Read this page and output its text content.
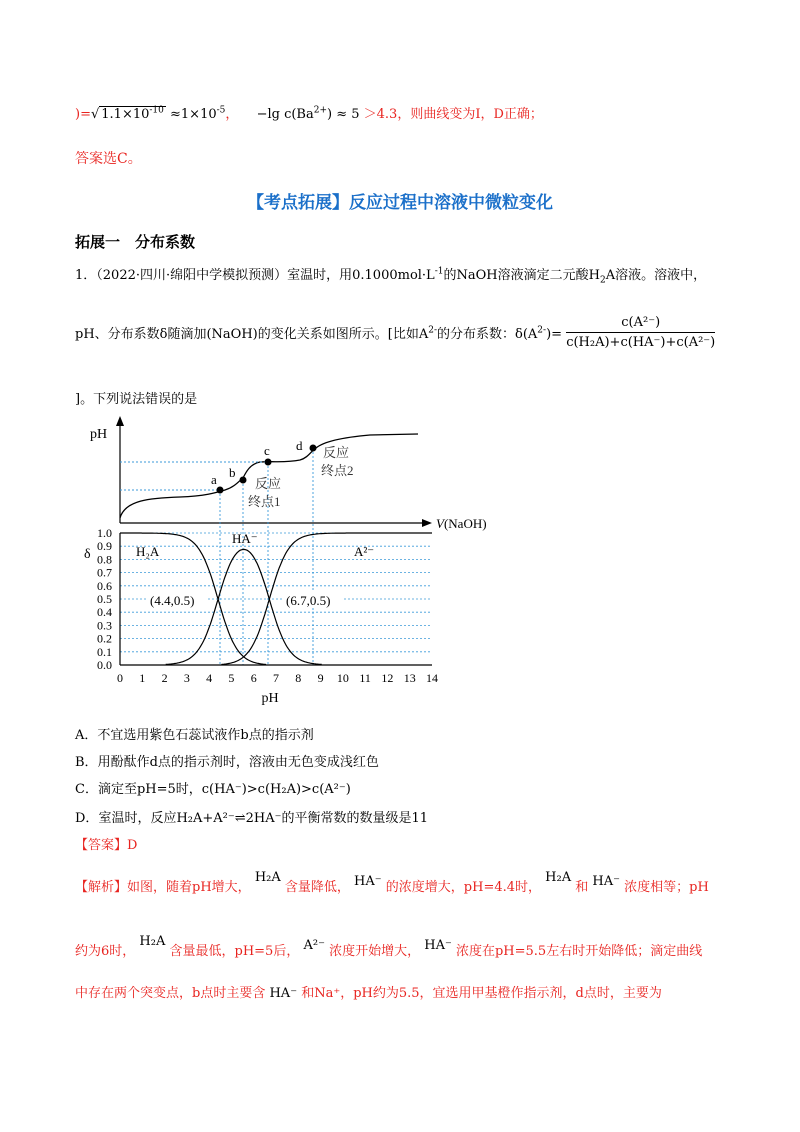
)=√ $1.1\times 10^{-10} \approx 1\times 10^{-5}$， −lg $c(Ba^{2+}) \approx 5 >4.3$，则曲线变为Ⅰ，D正确；
答案选C。
【考点拓展】反应过程中溶液中微粒变化
拓展一　分布系数
1．（2022·四川·绵阳中学模拟预测）室温时，用$0.1000mol\cdot L^{-1}$的NaOH溶液滴定二元酸$H_2A$溶液。溶液中，
pH、分布系数δ随滴加(NaOH)的变化关系如图所示。[比如$A^{2-}$的分布系数：$\delta(A^{2-})= \frac{\text{c(A²⁻)}}{\text{c(H₂A)+c(HA⁻)+c(A²⁻)}}$
]。下列说法错误的是
pH
V(NaOH)
a b
c d
反应
终点1
反应
终点2
δ
0.0
0.1
0.2
0.3
0.4
0.5
0.6
0.7
0.8
0.9
1.0
0 1 2 3 4 5 6 7 8 9 10 11 12 13 14
pH
H₂A
HA⁻
A²⁻
(4.4,0.5)	(6.7,0.5)
A．不宜选用紫色石蕊试液作b点的指示剂
B．用酚酞作d点的指示剂时，溶液由无色变成浅红色
C．滴定至pH=5时，c(HA⁻)>c(H₂A)>c(A²⁻)
D．室温时，反应H₂A+A²⁻⇌2HA⁻的平衡常数的数量级是11
【答案】D
【解析】如图，随着pH增大， H₂A 含量降低， HA⁻ 的浓度增大，pH=4.4时， H₂A 和 HA⁻ 浓度相等；pH
约为6时， H₂A 含量最低，pH=5后， A²⁻ 浓度开始增大， HA⁻ 浓度在pH=5.5左右时开始降低；滴定曲线
中存在两个突变点，b点时主要含 HA⁻ 和Na⁺，pH约为5.5，宜选用甲基橙作指示剂，d点时，主要为
